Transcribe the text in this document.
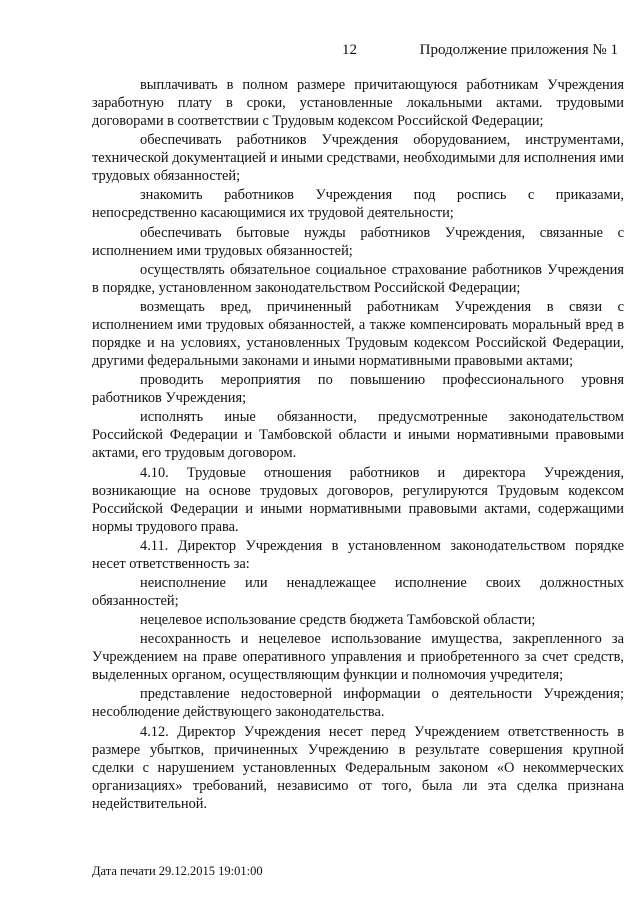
12	Продолжение приложения № 1

выплачивать в полном размере причитающуюся работникам Учреждения заработную плату в сроки, установленные локальными актами. трудовыми договорами в соответствии с Трудовым кодексом Российской Федерации;

обеспечивать работников Учреждения оборудованием, инструментами, технической документацией и иными средствами, необходимыми для исполнения ими трудовых обязанностей;

знакомить работников Учреждения под роспись с приказами, непосредственно касающимися их трудовой деятельности;

обеспечивать бытовые нужды работников Учреждения, связанные с исполнением ими трудовых обязанностей;

осуществлять обязательное социальное страхование работников Учреждения в порядке, установленном законодательством Российской Федерации;

возмещать вред, причиненный работникам Учреждения в связи с исполнением ими трудовых обязанностей, а также компенсировать моральный вред в порядке и на условиях, установленных Трудовым кодексом Российской Федерации, другими федеральными законами и иными нормативными правовыми актами;

проводить мероприятия по повышению профессионального уровня работников Учреждения;

исполнять иные обязанности, предусмотренные законодательством Российской Федерации и Тамбовской области и иными нормативными правовыми актами, его трудовым договором.

4.10. Трудовые отношения работников и директора Учреждения, возникающие на основе трудовых договоров, регулируются Трудовым кодексом Российской Федерации и иными нормативными правовыми актами, содержащими нормы трудового права.

4.11. Директор Учреждения в установленном законодательством порядке несет ответственность за:

неисполнение или ненадлежащее исполнение своих должностных обязанностей;

нецелевое использование средств бюджета Тамбовской области;

несохранность и нецелевое использование имущества, закрепленного за Учреждением на праве оперативного управления и приобретенного за счет средств, выделенных органом, осуществляющим функции и полномочия учредителя;

представление недостоверной информации о деятельности Учреждения; несоблюдение действующего законодательства.

4.12. Директор Учреждения несет перед Учреждением ответственность в размере убытков, причиненных Учреждению в результате совершения крупной сделки с нарушением установленных Федеральным законом «О некоммерческих организациях» требований, независимо от того, была ли эта сделка признана недействительной.

Дата печати 29.12.2015 19:01:00
